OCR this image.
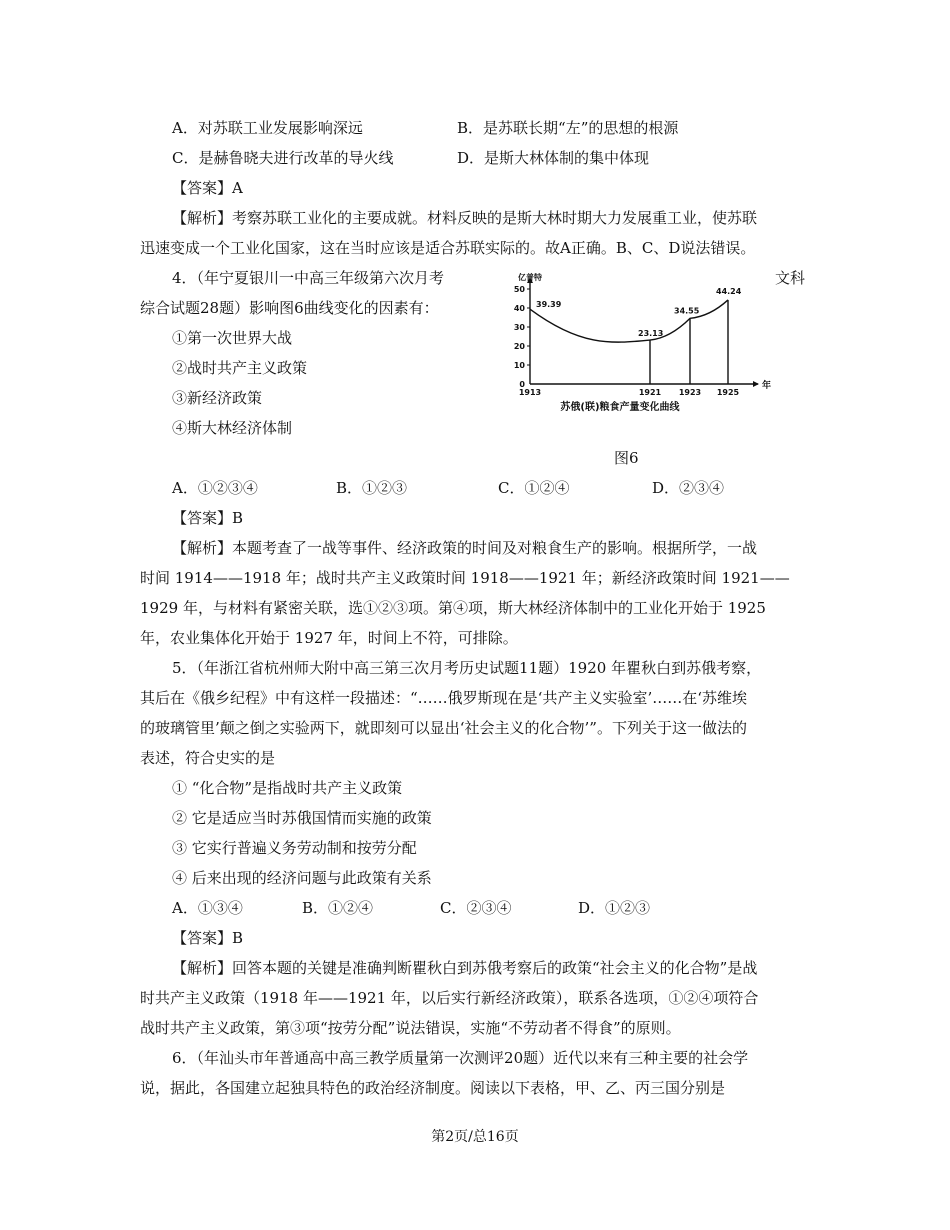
A．对苏联工业发展影响深远	B．是苏联长期“左”的思想的根源
C．是赫鲁晓夫进行改革的导火线	D．是斯大林体制的集中体现
【答案】A
【解析】考察苏联工业化的主要成就。材料反映的是斯大林时期大力发展重工业，使苏联
迅速变成一个工业化国家，这在当时应该是适合苏联实际的。故A正确。B、C、D说法错误。
4．（年宁夏银川一中高三年级第六次月考	文科
综合试题28题）影响图6曲线变化的因素有：
①第一次世界大战
②战时共产主义政策
③新经济政策
④斯大林经济体制
亿普特
年
0
10
20
30
40
50
1913	1921 1923 1925
39.39
23.13
34.55
44.24
苏俄(联)粮食产量变化曲线
图6
A．①②③④	B．①②③	C．①②④	D．②③④
【答案】B
【解析】本题考查了一战等事件、经济政策的时间及对粮食生产的影响。根据所学，一战
时间 1914——1918 年；战时共产主义政策时间 1918——1921 年；新经济政策时间 1921——
1929 年，与材料有紧密关联，选①②③项。第④项，斯大林经济体制中的工业化开始于 1925
年，农业集体化开始于 1927 年，时间上不符，可排除。
5．（年浙江省杭州师大附中高三第三次月考历史试题11题）1920 年瞿秋白到苏俄考察，
其后在《俄乡纪程》中有这样一段描述：“……俄罗斯现在是‘共产主义实验室’……在‘苏维埃
的玻璃管里’颠之倒之实验两下，就即刻可以显出‘社会主义的化合物’”。下列关于这一做法的
表述，符合史实的是
① “化合物”是指战时共产主义政策
② 它是适应当时苏俄国情而实施的政策
③ 它实行普遍义务劳动制和按劳分配
④ 后来出现的经济问题与此政策有关系
A．①③④	B．①②④	C．②③④	D．①②③
【答案】B
【解析】回答本题的关键是准确判断瞿秋白到苏俄考察后的政策“社会主义的化合物”是战
时共产主义政策（1918 年——1921 年，以后实行新经济政策），联系各选项，①②④项符合
战时共产主义政策，第③项“按劳分配”说法错误，实施“不劳动者不得食”的原则。
6．（年汕头市年普通高中高三教学质量第一次测评20题）近代以来有三种主要的社会学
说，据此，各国建立起独具特色的政治经济制度。阅读以下表格，甲、乙、丙三国分别是
第2页/总16页
